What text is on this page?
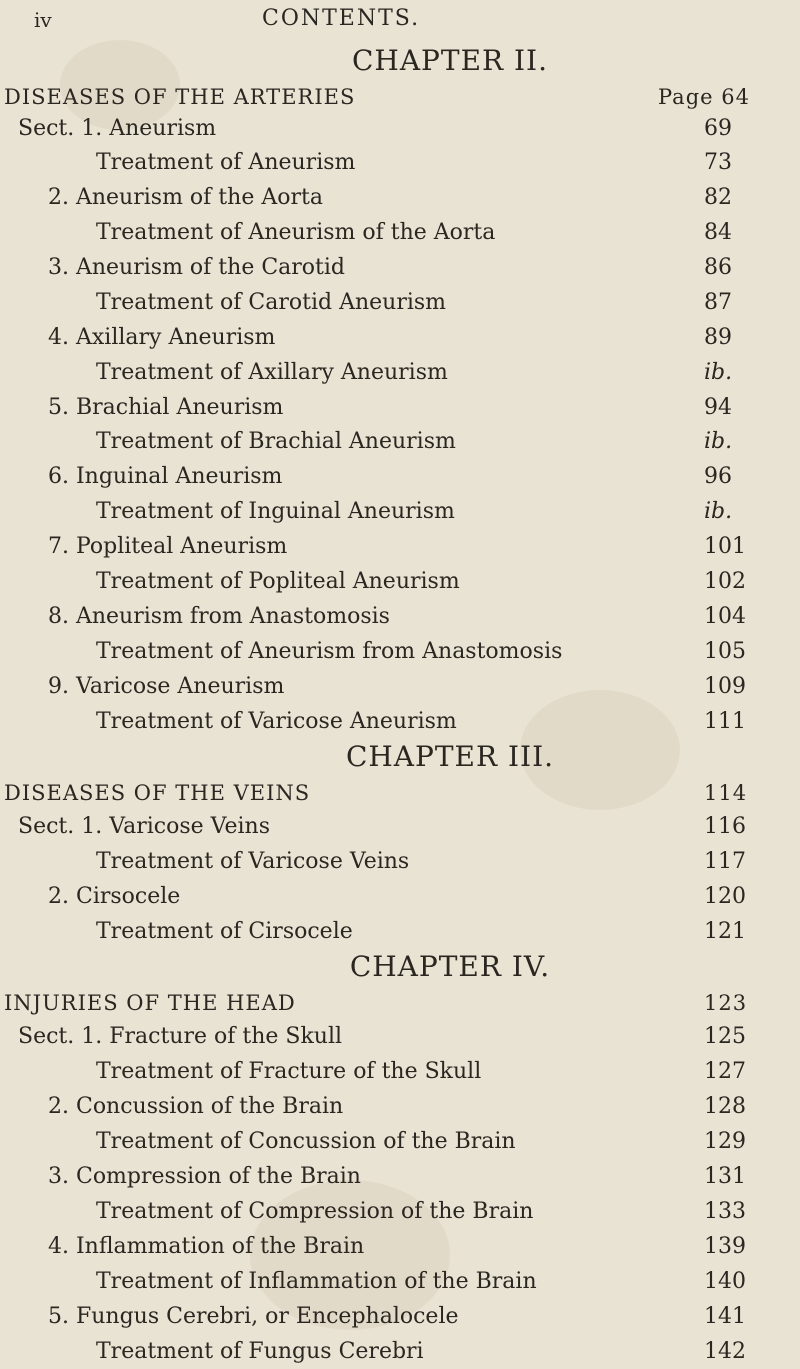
iv	CONTENTS.
CHAPTER II.
DISEASES OF THE ARTERIES	Page 64
Sect. 1. Aneurism	69
Treatment of Aneurism	73
2. Aneurism of the Aorta	82
Treatment of Aneurism of the Aorta	84
3. Aneurism of the Carotid	86
Treatment of Carotid Aneurism	87
4. Axillary Aneurism	89
Treatment of Axillary Aneurism	ib.
5. Brachial Aneurism	94
Treatment of Brachial Aneurism	ib.
6. Inguinal Aneurism	96
Treatment of Inguinal Aneurism	ib.
7. Popliteal Aneurism	101
Treatment of Popliteal Aneurism	102
8. Aneurism from Anastomosis	104
Treatment of Aneurism from Anastomosis	105
9. Varicose Aneurism	109
Treatment of Varicose Aneurism	111
CHAPTER III.
DISEASES OF THE VEINS	114
Sect. 1. Varicose Veins	116
Treatment of Varicose Veins	117
2. Cirsocele	120
Treatment of Cirsocele	121
CHAPTER IV.
INJURIES OF THE HEAD	123
Sect. 1. Fracture of the Skull	125
Treatment of Fracture of the Skull	127
2. Concussion of the Brain	128
Treatment of Concussion of the Brain	129
3. Compression of the Brain	131
Treatment of Compression of the Brain	133
4. Inflammation of the Brain	139
Treatment of Inflammation of the Brain	140
5. Fungus Cerebri, or Encephalocele	141
Treatment of Fungus Cerebri	142
